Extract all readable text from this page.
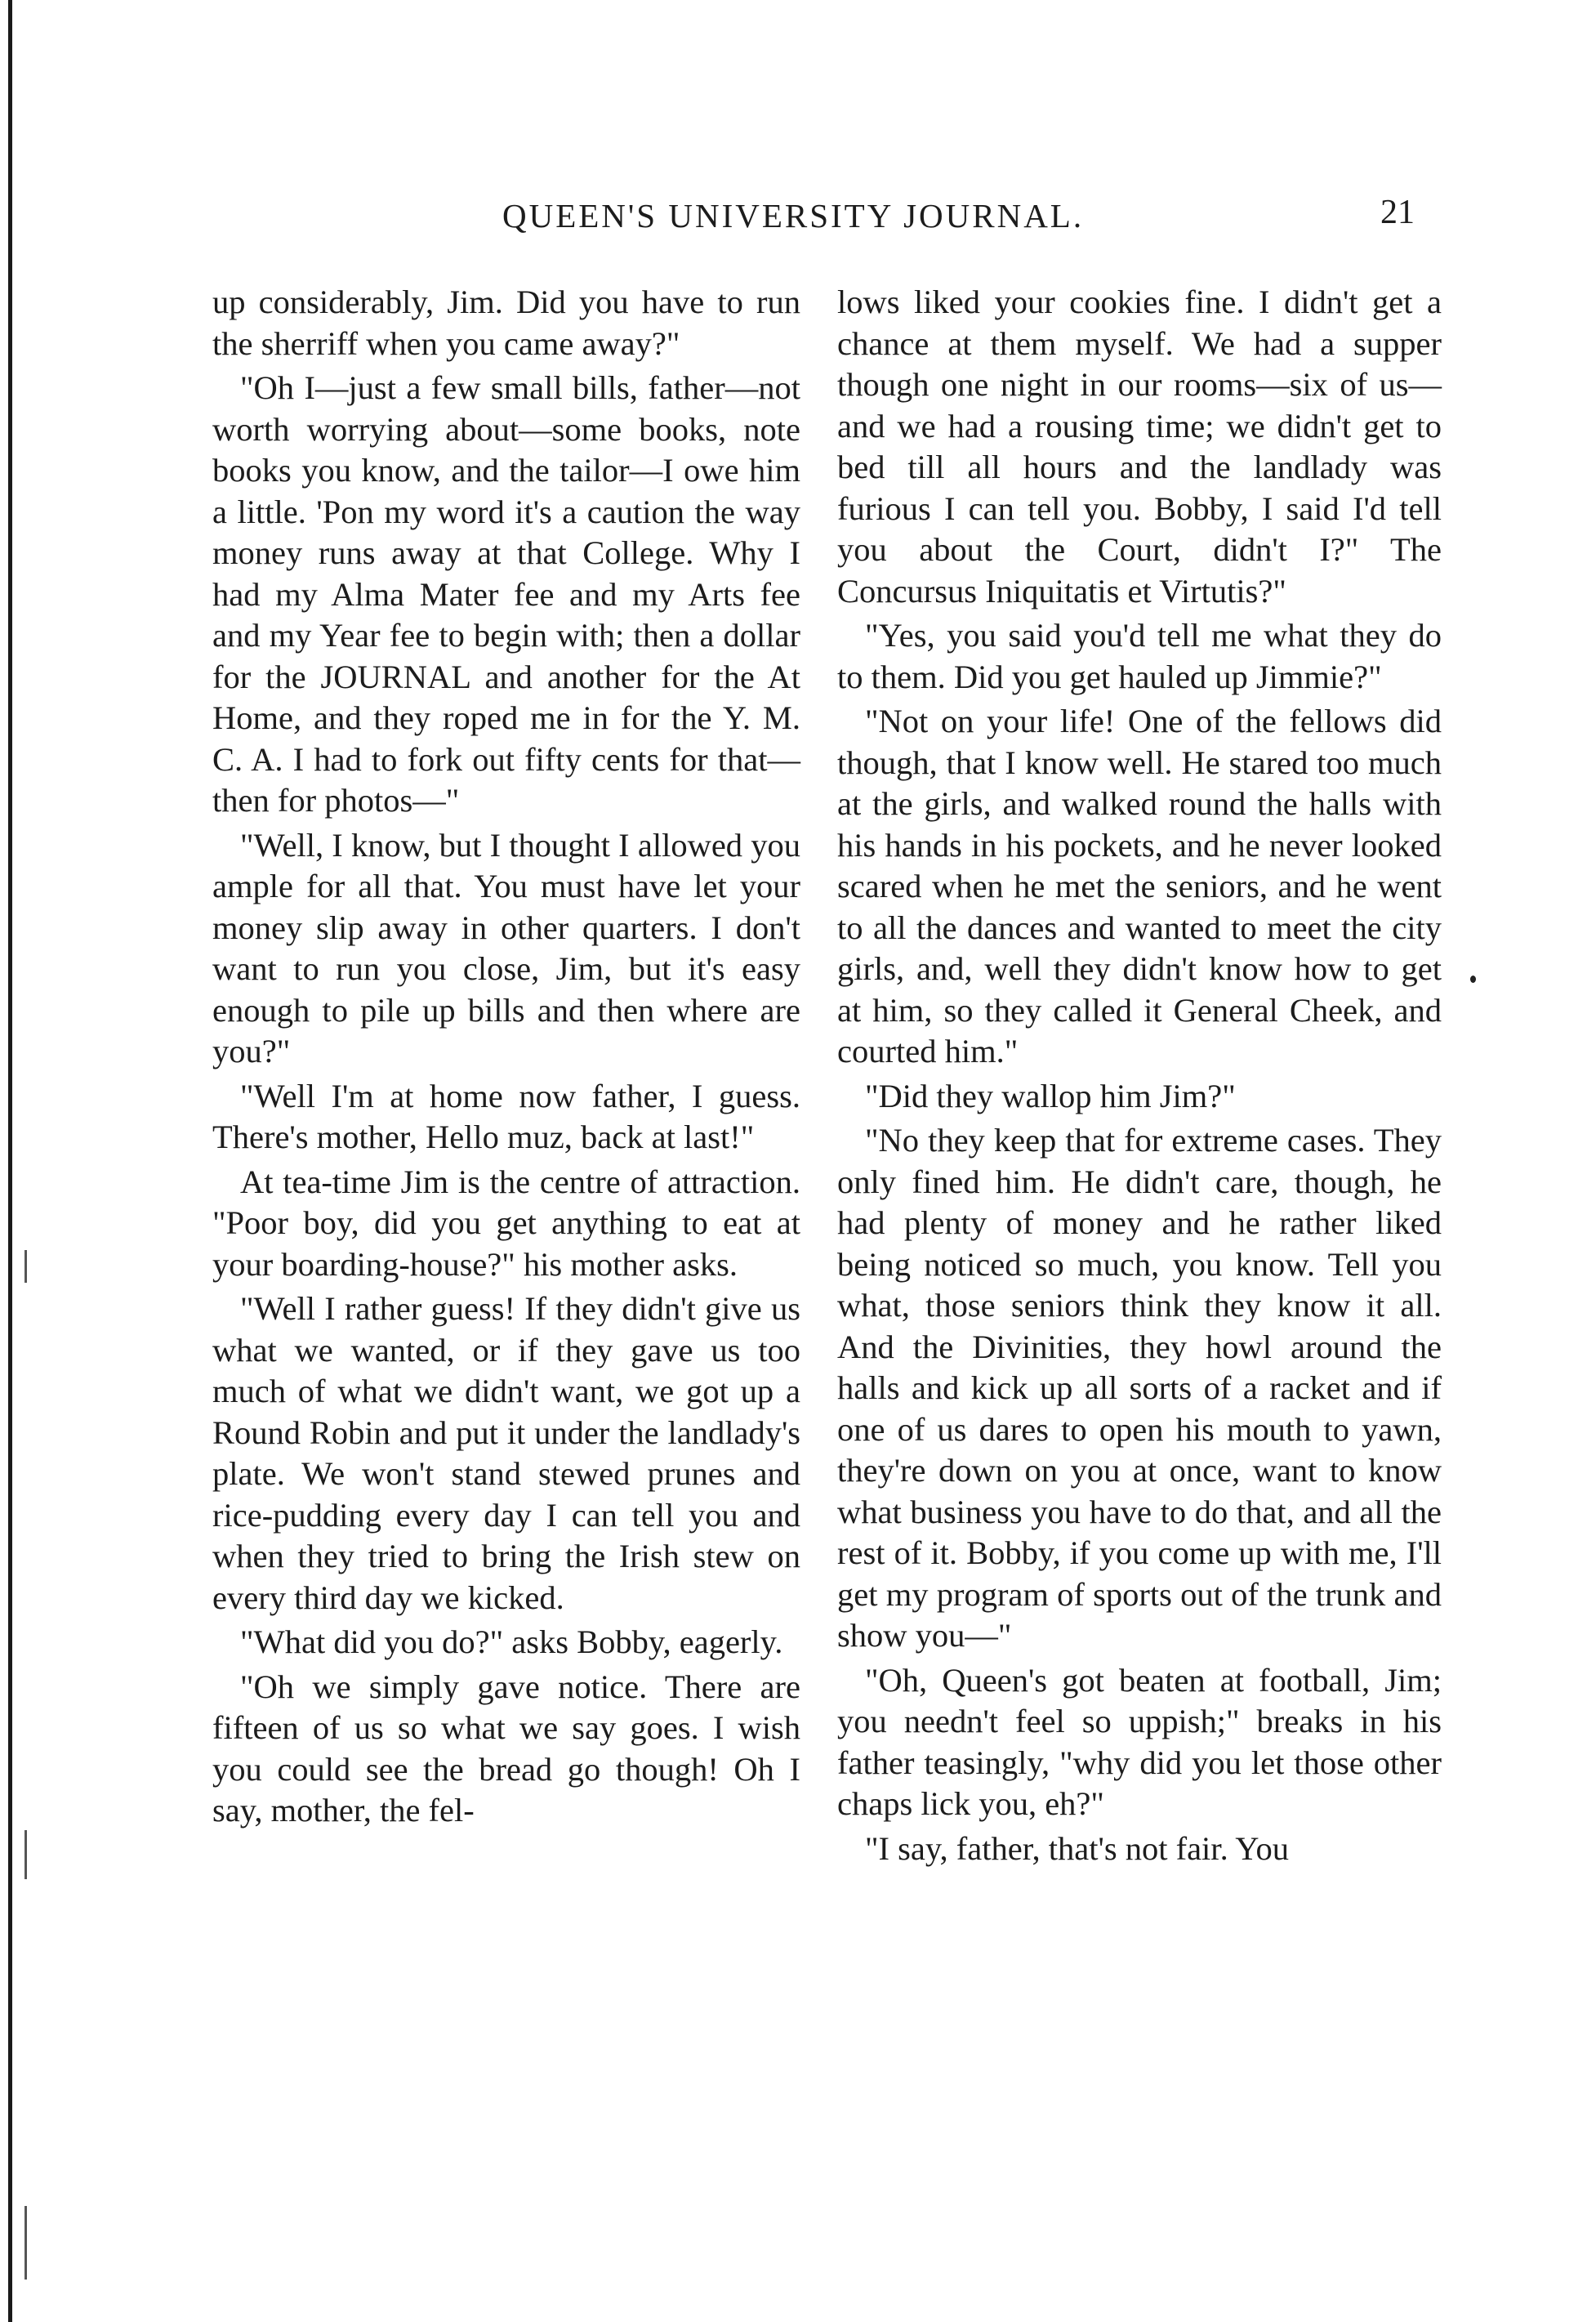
QUEEN'S UNIVERSITY JOURNAL.	21

up considerably, Jim. Did you have to run the sherriff when you came away?"

"Oh I—just a few small bills, father—not worth worrying about—some books, note books you know, and the tailor—I owe him a little. 'Pon my word it's a caution the way money runs away at that College. Why I had my Alma Mater fee and my Arts fee and my Year fee to begin with; then a dollar for the JOURNAL and another for the At Home, and they roped me in for the Y. M. C. A. I had to fork out fifty cents for that—then for photos—"

"Well, I know, but I thought I allowed you ample for all that. You must have let your money slip away in other quarters. I don't want to run you close, Jim, but it's easy enough to pile up bills and then where are you?"

"Well I'm at home now father, I guess. There's mother, Hello muz, back at last!"

At tea-time Jim is the centre of attraction. "Poor boy, did you get anything to eat at your boarding-house?" his mother asks.

"Well I rather guess! If they didn't give us what we wanted, or if they gave us too much of what we didn't want, we got up a Round Robin and put it under the landlady's plate. We won't stand stewed prunes and rice-pudding every day I can tell you and when they tried to bring the Irish stew on every third day we kicked.

"What did you do?" asks Bobby, eagerly.

"Oh we simply gave notice. There are fifteen of us so what we say goes. I wish you could see the bread go though! Oh I say, mother, the fel-

lows liked your cookies fine. I didn't get a chance at them myself. We had a supper though one night in our rooms—six of us—and we had a rousing time; we didn't get to bed till all hours and the landlady was furious I can tell you. Bobby, I said I'd tell you about the Court, didn't I?" The Concursus Iniquitatis et Virtutis?"

"Yes, you said you'd tell me what they do to them. Did you get hauled up Jimmie?"

"Not on your life! One of the fellows did though, that I know well. He stared too much at the girls, and walked round the halls with his hands in his pockets, and he never looked scared when he met the seniors, and he went to all the dances and wanted to meet the city girls, and, well they didn't know how to get at him, so they called it General Cheek, and courted him."

"Did they wallop him Jim?"

"No they keep that for extreme cases. They only fined him. He didn't care, though, he had plenty of money and he rather liked being noticed so much, you know. Tell you what, those seniors think they know it all. And the Divinities, they howl around the halls and kick up all sorts of a racket and if one of us dares to open his mouth to yawn, they're down on you at once, want to know what business you have to do that, and all the rest of it. Bobby, if you come up with me, I'll get my program of sports out of the trunk and show you—"

"Oh, Queen's got beaten at football, Jim; you needn't feel so uppish;" breaks in his father teasingly, "why did you let those other chaps lick you, eh?"

"I say, father, that's not fair. You
